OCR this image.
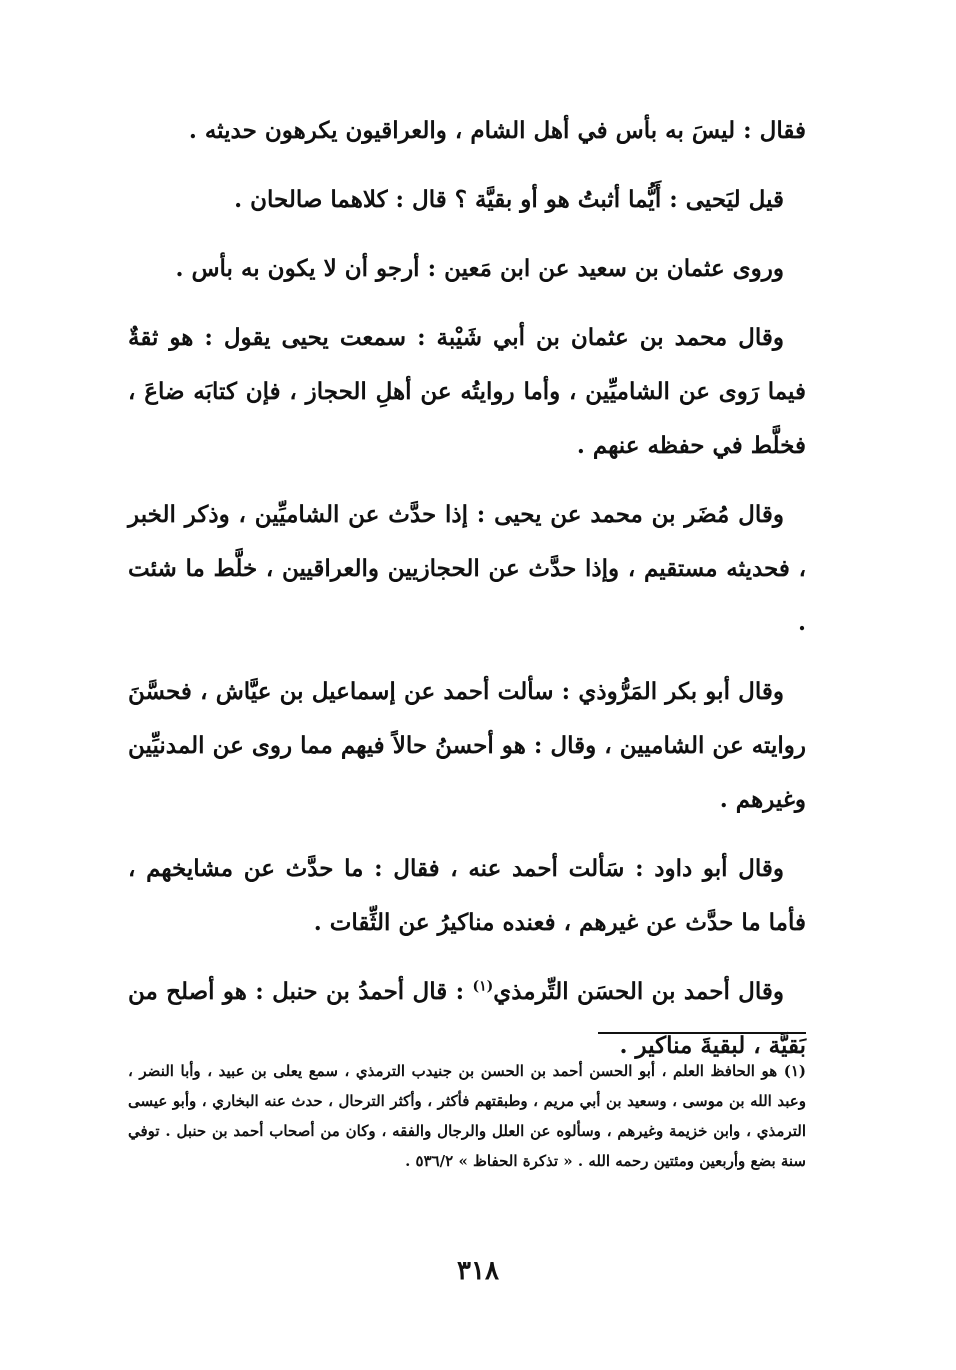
فقال : ليسَ به بأس في أهل الشام ، والعراقيون يكرهون حديثه .

قيل ليَحيى : أَيُّما أثبتُ هو أو بقيَّة ؟ قال : كلاهما صالحان .

وروى عثمان بن سعيد عن ابن مَعين : أرجو أن لا يكون به بأس .

وقال محمد بن عثمان بن أبي شَيْبة : سمعت يحيى يقول : هو ثقةٌ فيما رَوى عن الشاميِّين ، وأما روايتُه عن أهلِ الحجاز ، فإن كتابَه ضاعَ ، فخلَّط في حفظه عنهم .

وقال مُضَر بن محمد عن يحيى : إذا حدَّث عن الشاميِّين ، وذكر الخبر ، فحديثه مستقيم ، وإذا حدَّث عن الحجازيين والعراقيين ، خلَّط ما شئت .

وقال أبو بكر المَرُّوذي : سألت أحمد عن إسماعيل بن عيَّاش ، فحسَّنَ روايته عن الشاميين ، وقال : هو أحسنُ حالاً فيهم مما روى عن المدنيِّين وغيرهم .

وقال أبو داود : سَألت أحمد عنه ، فقال : ما حدَّث عن مشايخهم ، فأما ما حدَّث عن غيرهم ، فعنده مناكيرُ عن الثِّقات .

وقال أحمد بن الحسَن التِّرمذي$^{(١)}$ : قال أحمدُ بن حنبل : هو أصلح من بَقيَّة ، لبقيةَ مناكير .

(١) هو الحافظ العلم ، أبو الحسن أحمد بن الحسن بن جنيدب الترمذي ، سمع يعلى بن عبيد ، وأبا النضر ، وعبد الله بن موسى ، وسعيد بن أبي مريم ، وطبقتهم فأكثر ، وأكثر الترحال ، حدث عنه البخاري ، وأبو عيسى الترمذي ، وابن خزيمة وغيرهم ، وسألوه عن العلل والرجال والفقه ، وكان من أصحاب أحمد بن حنبل . توفي سنة بضع وأربعين ومئتين رحمه الله . « تذكرة الحفاظ » ٥٣٦/٢ .
٣١٨
